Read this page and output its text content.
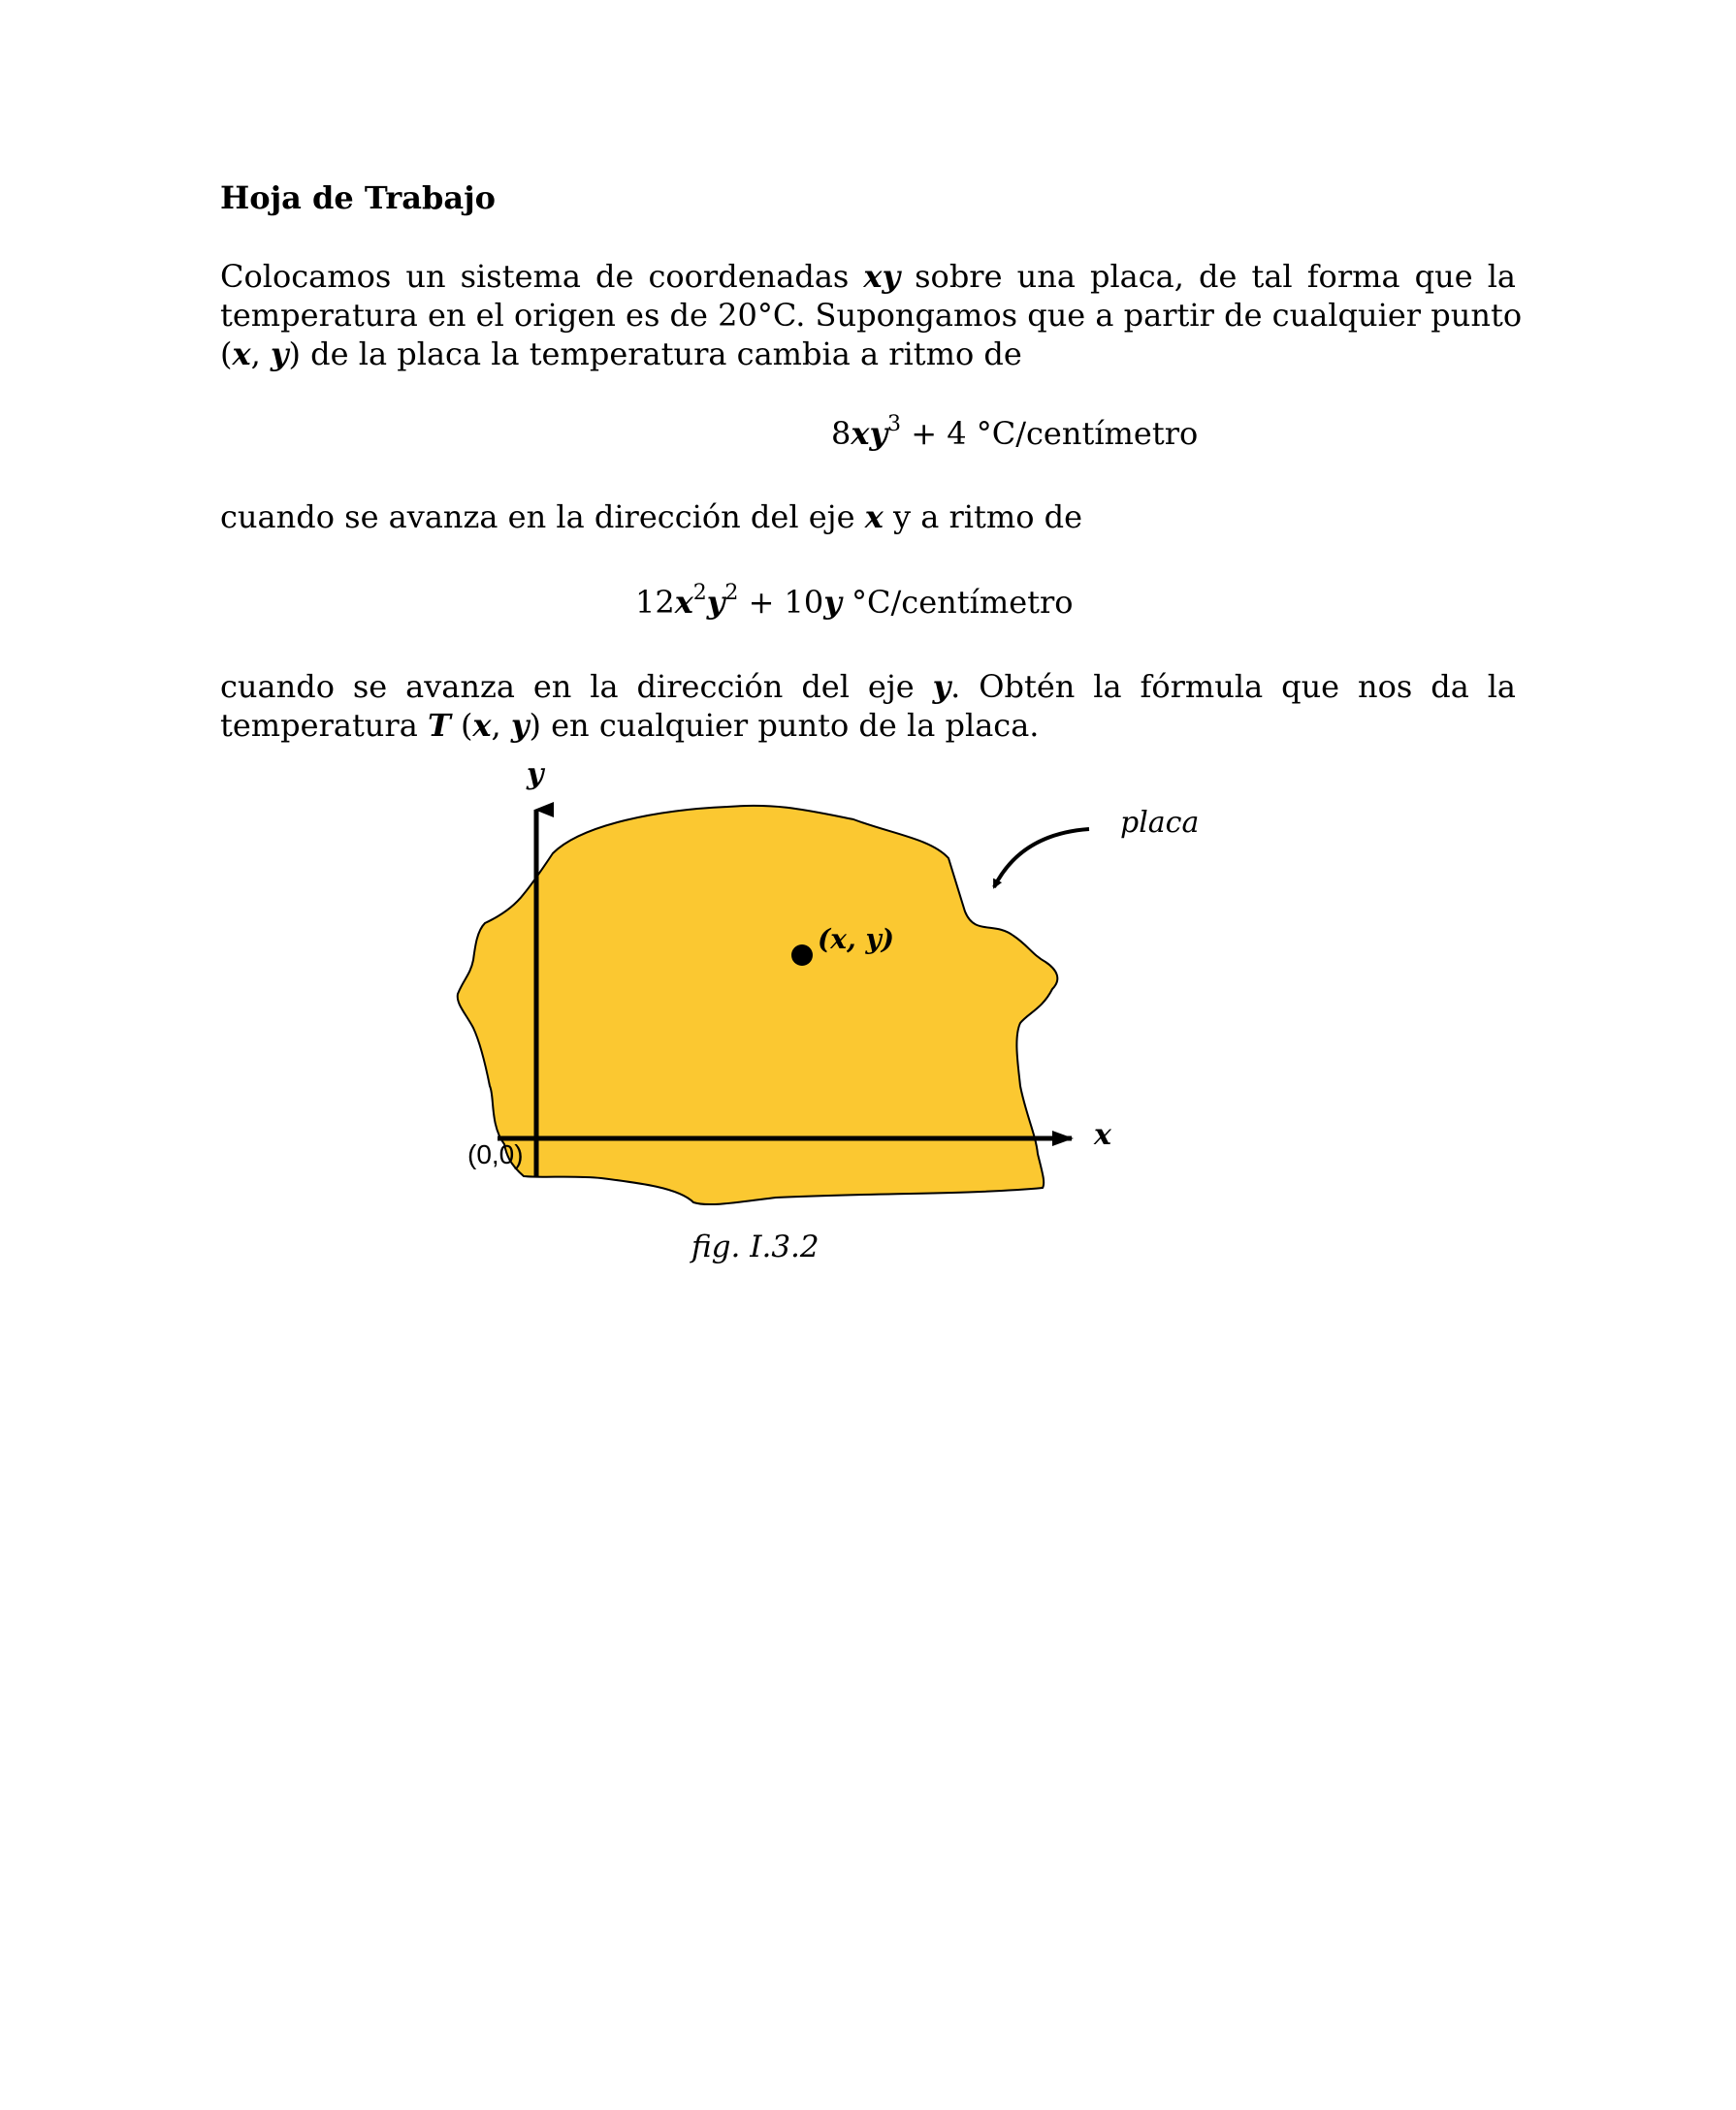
Hoja de Trabajo
Colocamos un sistema de coordenadas xy sobre una placa, de tal forma que la
temperatura en el origen es de 20°C. Supongamos que a partir de cualquier punto
(x, y) de la placa la temperatura cambia a ritmo de

$8xy^3 + 4$ °C/centímetro

cuando se avanza en la dirección del eje x y a ritmo de

$12x^2y^2 + 10y$ °C/centímetro

cuando se avanza en la dirección del eje y. Obtén la fórmula que nos da la
temperatura T (x, y) en cualquier punto de la placa.
y
x
(0,0)
(x, y)
placa
fig. I.3.2
